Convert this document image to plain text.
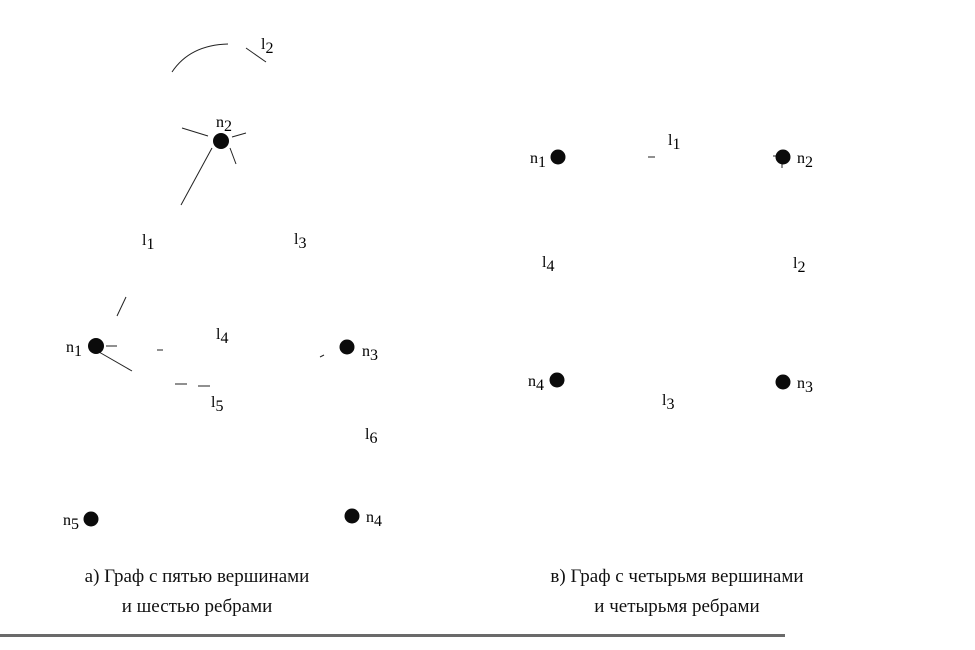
n1
n2
n3
n4
n5
l1
l2
l3
l4
l5
l6
n1	n2
n3
n4
l1
l2
l3
l4
а) Граф с пятью вершинами
и шестью ребрами
в) Граф с четырьмя вершинами
и четырьмя ребрами
